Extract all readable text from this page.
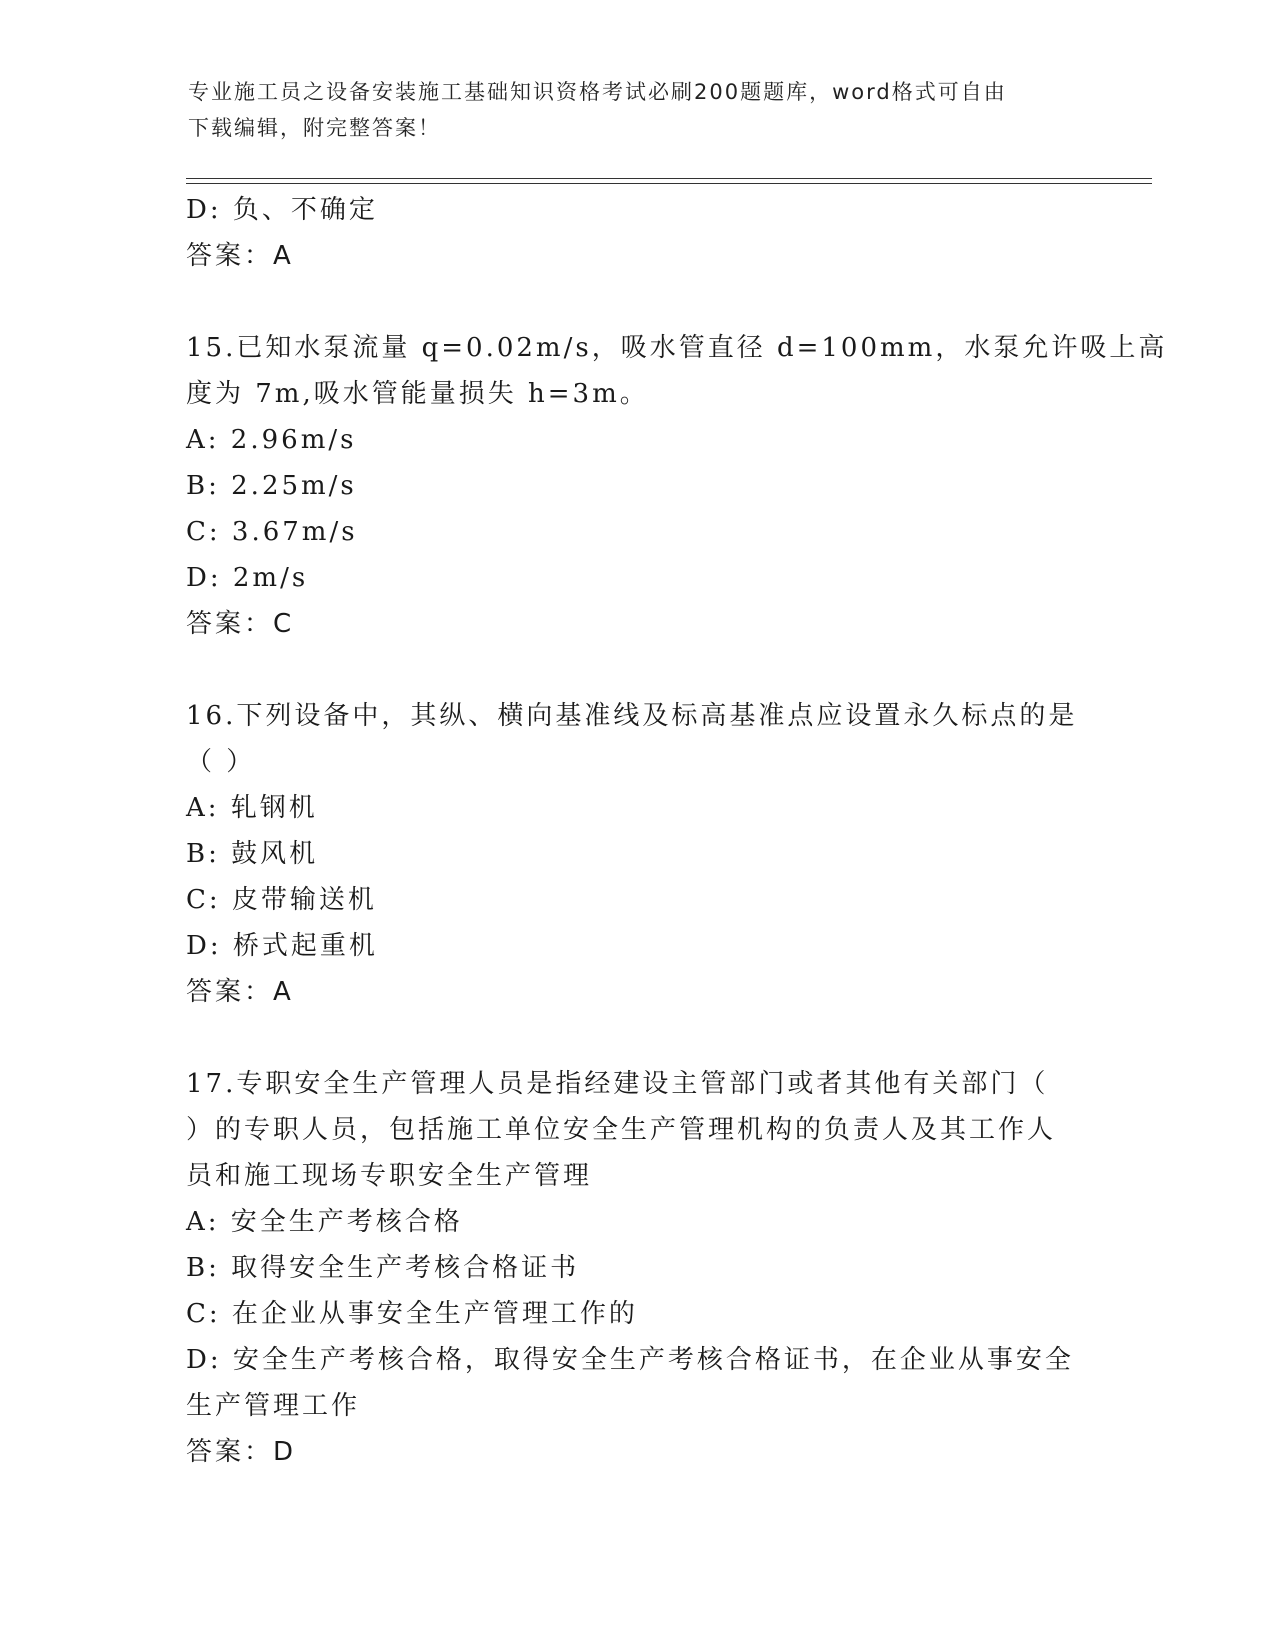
专业施工员之设备安装施工基础知识资格考试必刷200题题库，word格式可自由
下载编辑，附完整答案！
D: 负、不确定
答案：A
15.已知水泵流量 q=0.02m/s，吸水管直径 d=100mm，水泵允许吸上高
度为 7m,吸水管能量损失 h=3m。
A: 2.96m/s
B: 2.25m/s
C: 3.67m/s
D: 2m/s
答案：C
16.下列设备中，其纵、横向基准线及标高基准点应设置永久标点的是
（ ）
A: 轧钢机
B: 鼓风机
C: 皮带输送机
D: 桥式起重机
答案：A
17.专职安全生产管理人员是指经建设主管部门或者其他有关部门（
）的专职人员，包括施工单位安全生产管理机构的负责人及其工作人
员和施工现场专职安全生产管理
A: 安全生产考核合格
B: 取得安全生产考核合格证书
C: 在企业从事安全生产管理工作的
D: 安全生产考核合格，取得安全生产考核合格证书，在企业从事安全
生产管理工作
答案：D
